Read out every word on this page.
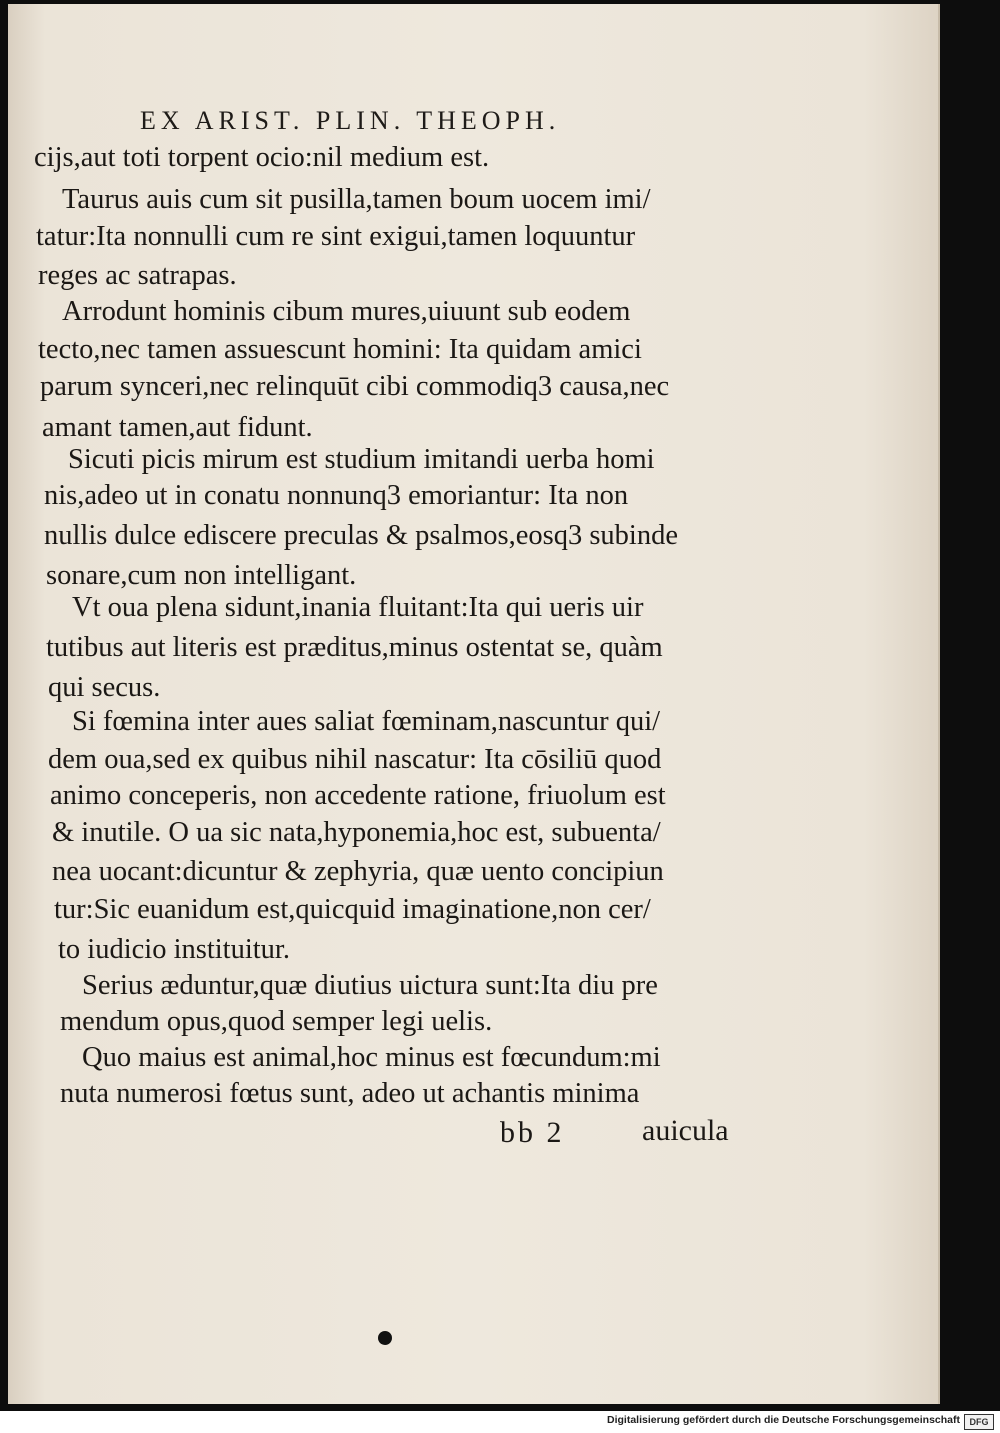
EX ARIST. PLIN. THEOPH.
cijs,aut toti torpent ocio:nil medium est.
Taurus auis cum sit pusilla,tamen boum uocem imi/
tatur:Ita nonnulli cum re sint exigui,tamen loquuntur
reges ac satrapas.
Arrodunt hominis cibum mures,uiuunt sub eodem
tecto,nec tamen assuescunt homini: Ita quidam amici
parum synceri,nec relinquūt cibi commodiq3 causa,nec
amant tamen,aut fidunt.
Sicuti picis mirum est studium imitandi uerba homi
nis,adeo ut in conatu nonnunq3 emoriantur: Ita non
nullis dulce ediscere preculas & psalmos,eosq3 subinde
sonare,cum non intelligant.
Vt oua plena sidunt,inania fluitant:Ita qui ueris uir
tutibus aut literis est præditus,minus ostentat se, quàm
qui secus.
Si fœmina inter aues saliat fœminam,nascuntur qui/
dem oua,sed ex quibus nihil nascatur: Ita cōsiliū quod
animo conceperis, non accedente ratione, friuolum est
& inutile. O ua sic nata,hyponemia,hoc est, subuenta/
nea uocant:dicuntur & zephyria, quæ uento concipiun
tur:Sic euanidum est,quicquid imaginatione,non cer/
to iudicio instituitur.
Serius æduntur,quæ diutius uictura sunt:Ita diu pre
mendum opus,quod semper legi uelis.
Quo maius est animal,hoc minus est fœcundum:mi
nuta numerosi fœtus sunt, adeo ut achantis minima
bb 2	auicula
Digitalisierung gefördert durch die Deutsche Forschungsgemeinschaft	DFG
